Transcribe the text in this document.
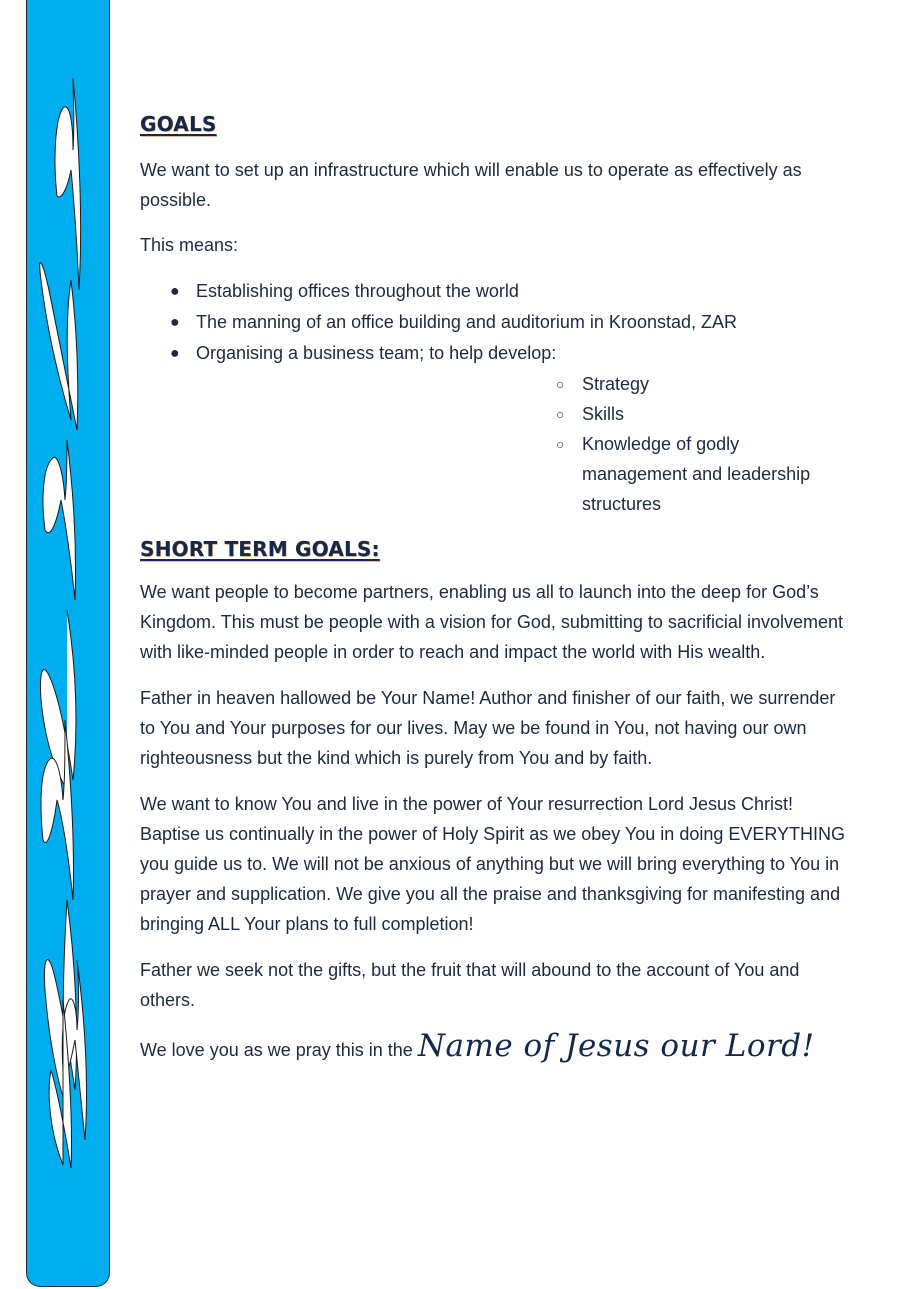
GOALS

We want to set up an infrastructure which will enable us to operate as effectively as possible.

This means:

● Establishing offices throughout the world
● The manning of an office building and auditorium in Kroonstad, ZAR
● Organising a business team; to help develop:
○ Strategy
○ Skills
○ Knowledge of godly management and leadership structures
SHORT TERM GOALS:

We want people to become partners, enabling us all to launch into the deep for God’s Kingdom. This must be people with a vision for God, submitting to sacrificial involvement with like-minded people in order to reach and impact the world with His wealth.

Father in heaven hallowed be Your Name! Author and finisher of our faith, we surrender to You and Your purposes for our lives. May we be found in You, not having our own righteousness but the kind which is purely from You and by faith.

We want to know You and live in the power of Your resurrection Lord Jesus Christ! Baptise us continually in the power of Holy Spirit as we obey You in doing EVERYTHING you guide us to. We will not be anxious of anything but we will bring everything to You in prayer and supplication. We give you all the praise and thanksgiving for manifesting and bringing ALL Your plans to full completion!

Father we seek not the gifts, but the fruit that will abound to the account of You and others.

We love you as we pray this in the Name of Jesus our Lord!
